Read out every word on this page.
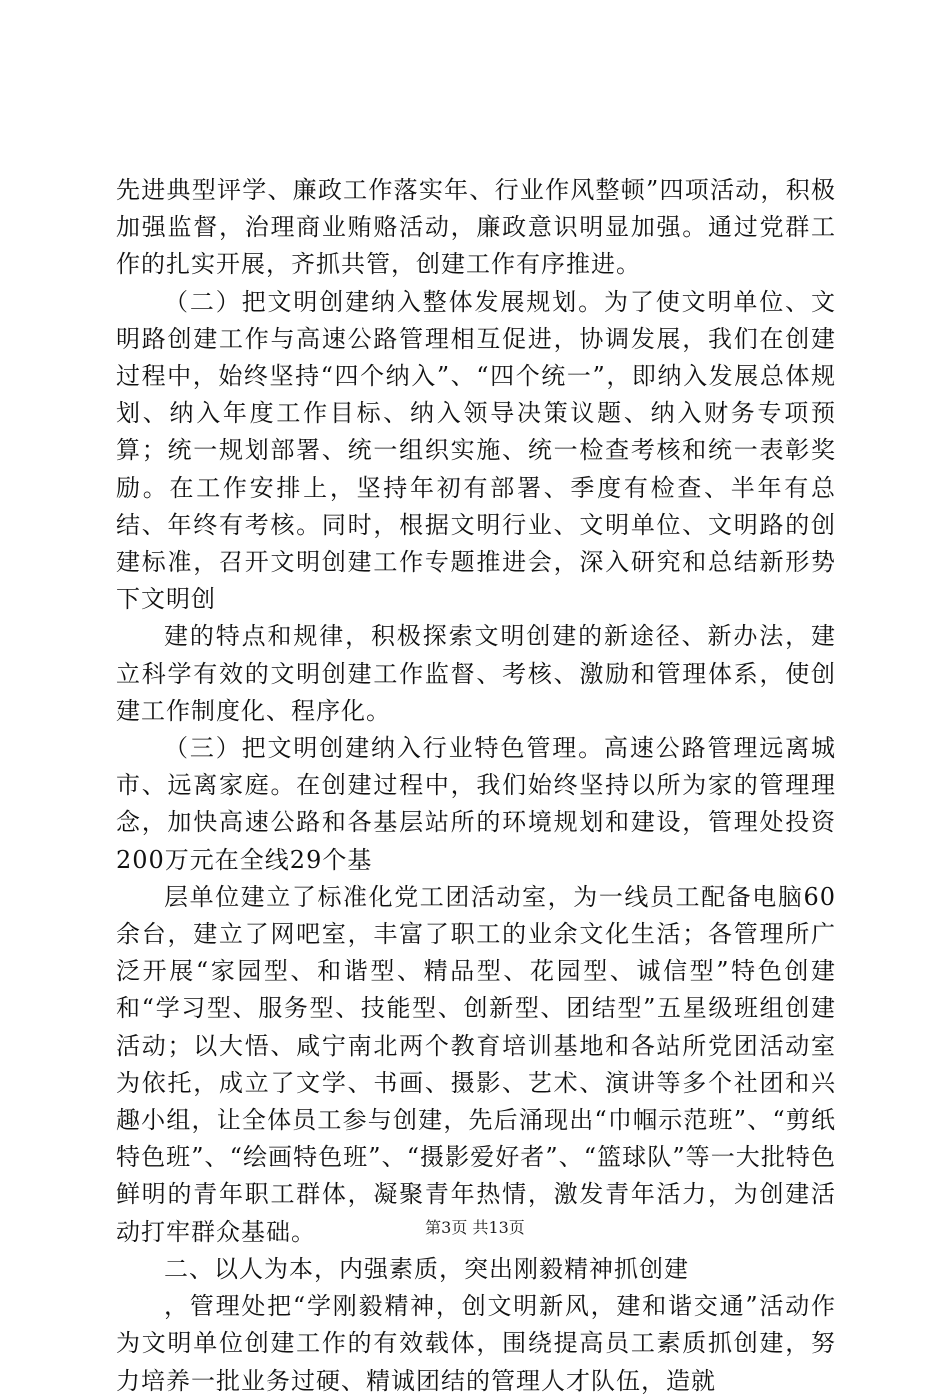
先进典型评学、廉政工作落实年、行业作风整顿”四项活动，积极加强监督，治理商业贿赂活动，廉政意识明显加强。通过党群工作的扎实开展，齐抓共管，创建工作有序推进。

（二）把文明创建纳入整体发展规划。为了使文明单位、文明路创建工作与高速公路管理相互促进，协调发展，我们在创建过程中，始终坚持“四个纳入”、“四个统一”，即纳入发展总体规划、纳入年度工作目标、纳入领导决策议题、纳入财务专项预算；统一规划部署、统一组织实施、统一检查考核和统一表彰奖励。在工作安排上，坚持年初有部署、季度有检查、半年有总结、年终有考核。同时，根据文明行业、文明单位、文明路的创建标准，召开文明创建工作专题推进会，深入研究和总结新形势下文明创

建的特点和规律，积极探索文明创建的新途径、新办法，建立科学有效的文明创建工作监督、考核、激励和管理体系，使创建工作制度化、程序化。

（三）把文明创建纳入行业特色管理。高速公路管理远离城市、远离家庭。在创建过程中，我们始终坚持以所为家的管理理念，加快高速公路和各基层站所的环境规划和建设，管理处投资200万元在全线29个基

层单位建立了标准化党工团活动室，为一线员工配备电脑60余台，建立了网吧室，丰富了职工的业余文化生活；各管理所广泛开展“家园型、和谐型、精品型、花园型、诚信型”特色创建和“学习型、服务型、技能型、创新型、团结型”五星级班组创建活动；以大悟、咸宁南北两个教育培训基地和各站所党团活动室为依托，成立了文学、书画、摄影、艺术、演讲等多个社团和兴趣小组，让全体员工参与创建，先后涌现出“巾帼示范班”、“剪纸特色班”、“绘画特色班”、“摄影爱好者”、“篮球队”等一大批特色鲜明的青年职工群体，凝聚青年热情，激发青年活力，为创建活动打牢群众基础。

二、以人为本，内强素质，突出刚毅精神抓创建

，管理处把“学刚毅精神，创文明新风，建和谐交通”活动作为文明单位创建工作的有效载体，围绕提高员工素质抓创建，努力培养一批业务过硬、精诚团结的管理人才队伍，造就

第3页 共13页
